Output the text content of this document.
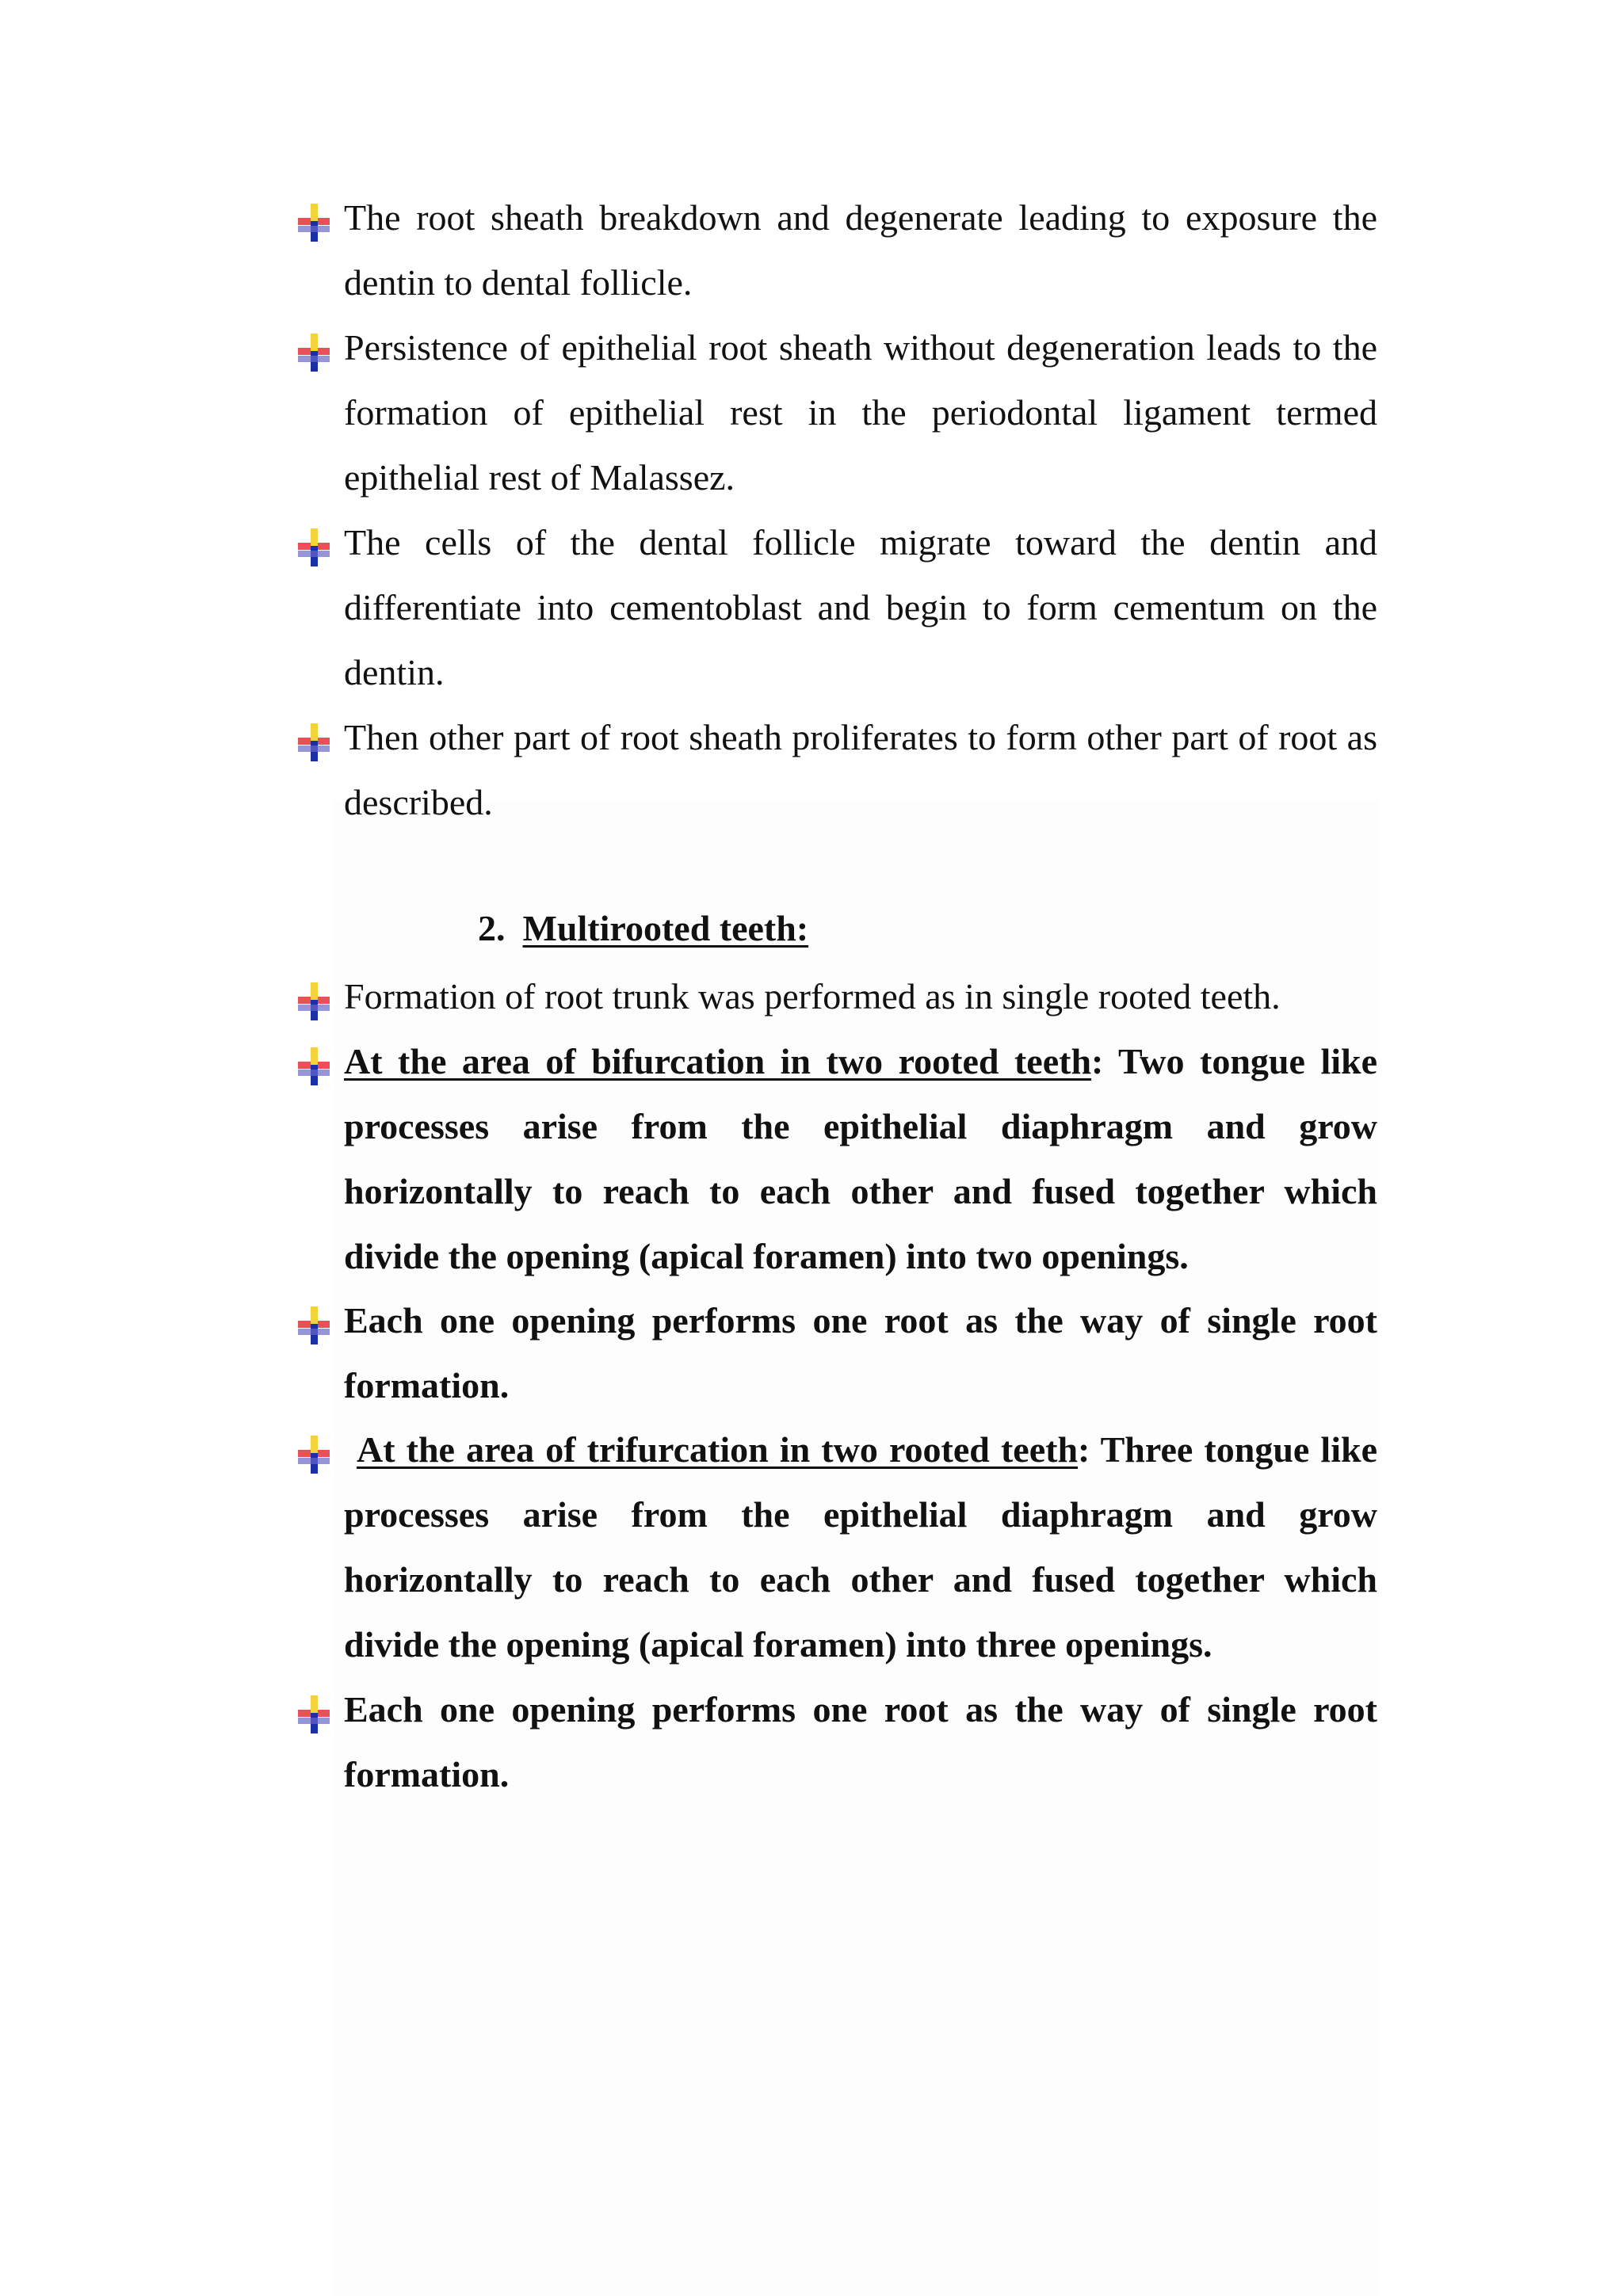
The root sheath breakdown and degenerate leading to exposure the dentin to dental follicle.
Persistence of epithelial root sheath without degeneration leads to the formation of epithelial rest in the periodontal ligament termed epithelial rest of Malassez.
The cells of the dental follicle migrate toward the dentin and differentiate into cementoblast and begin to form cementum on the dentin.
Then other part of root sheath proliferates to form other part of root as described.
2. Multirooted teeth:
Formation of root trunk was performed as in single rooted teeth.
At the area of bifurcation in two rooted teeth: Two tongue like processes arise from the epithelial diaphragm and grow horizontally to reach to each other and fused together which divide the opening (apical foramen) into two openings.
Each one opening performs one root as the way of single root formation.
At the area of trifurcation in two rooted teeth: Three tongue like processes arise from the epithelial diaphragm and grow horizontally to reach to each other and fused together which divide the opening (apical foramen) into three openings.
Each one opening performs one root as the way of single root formation.
